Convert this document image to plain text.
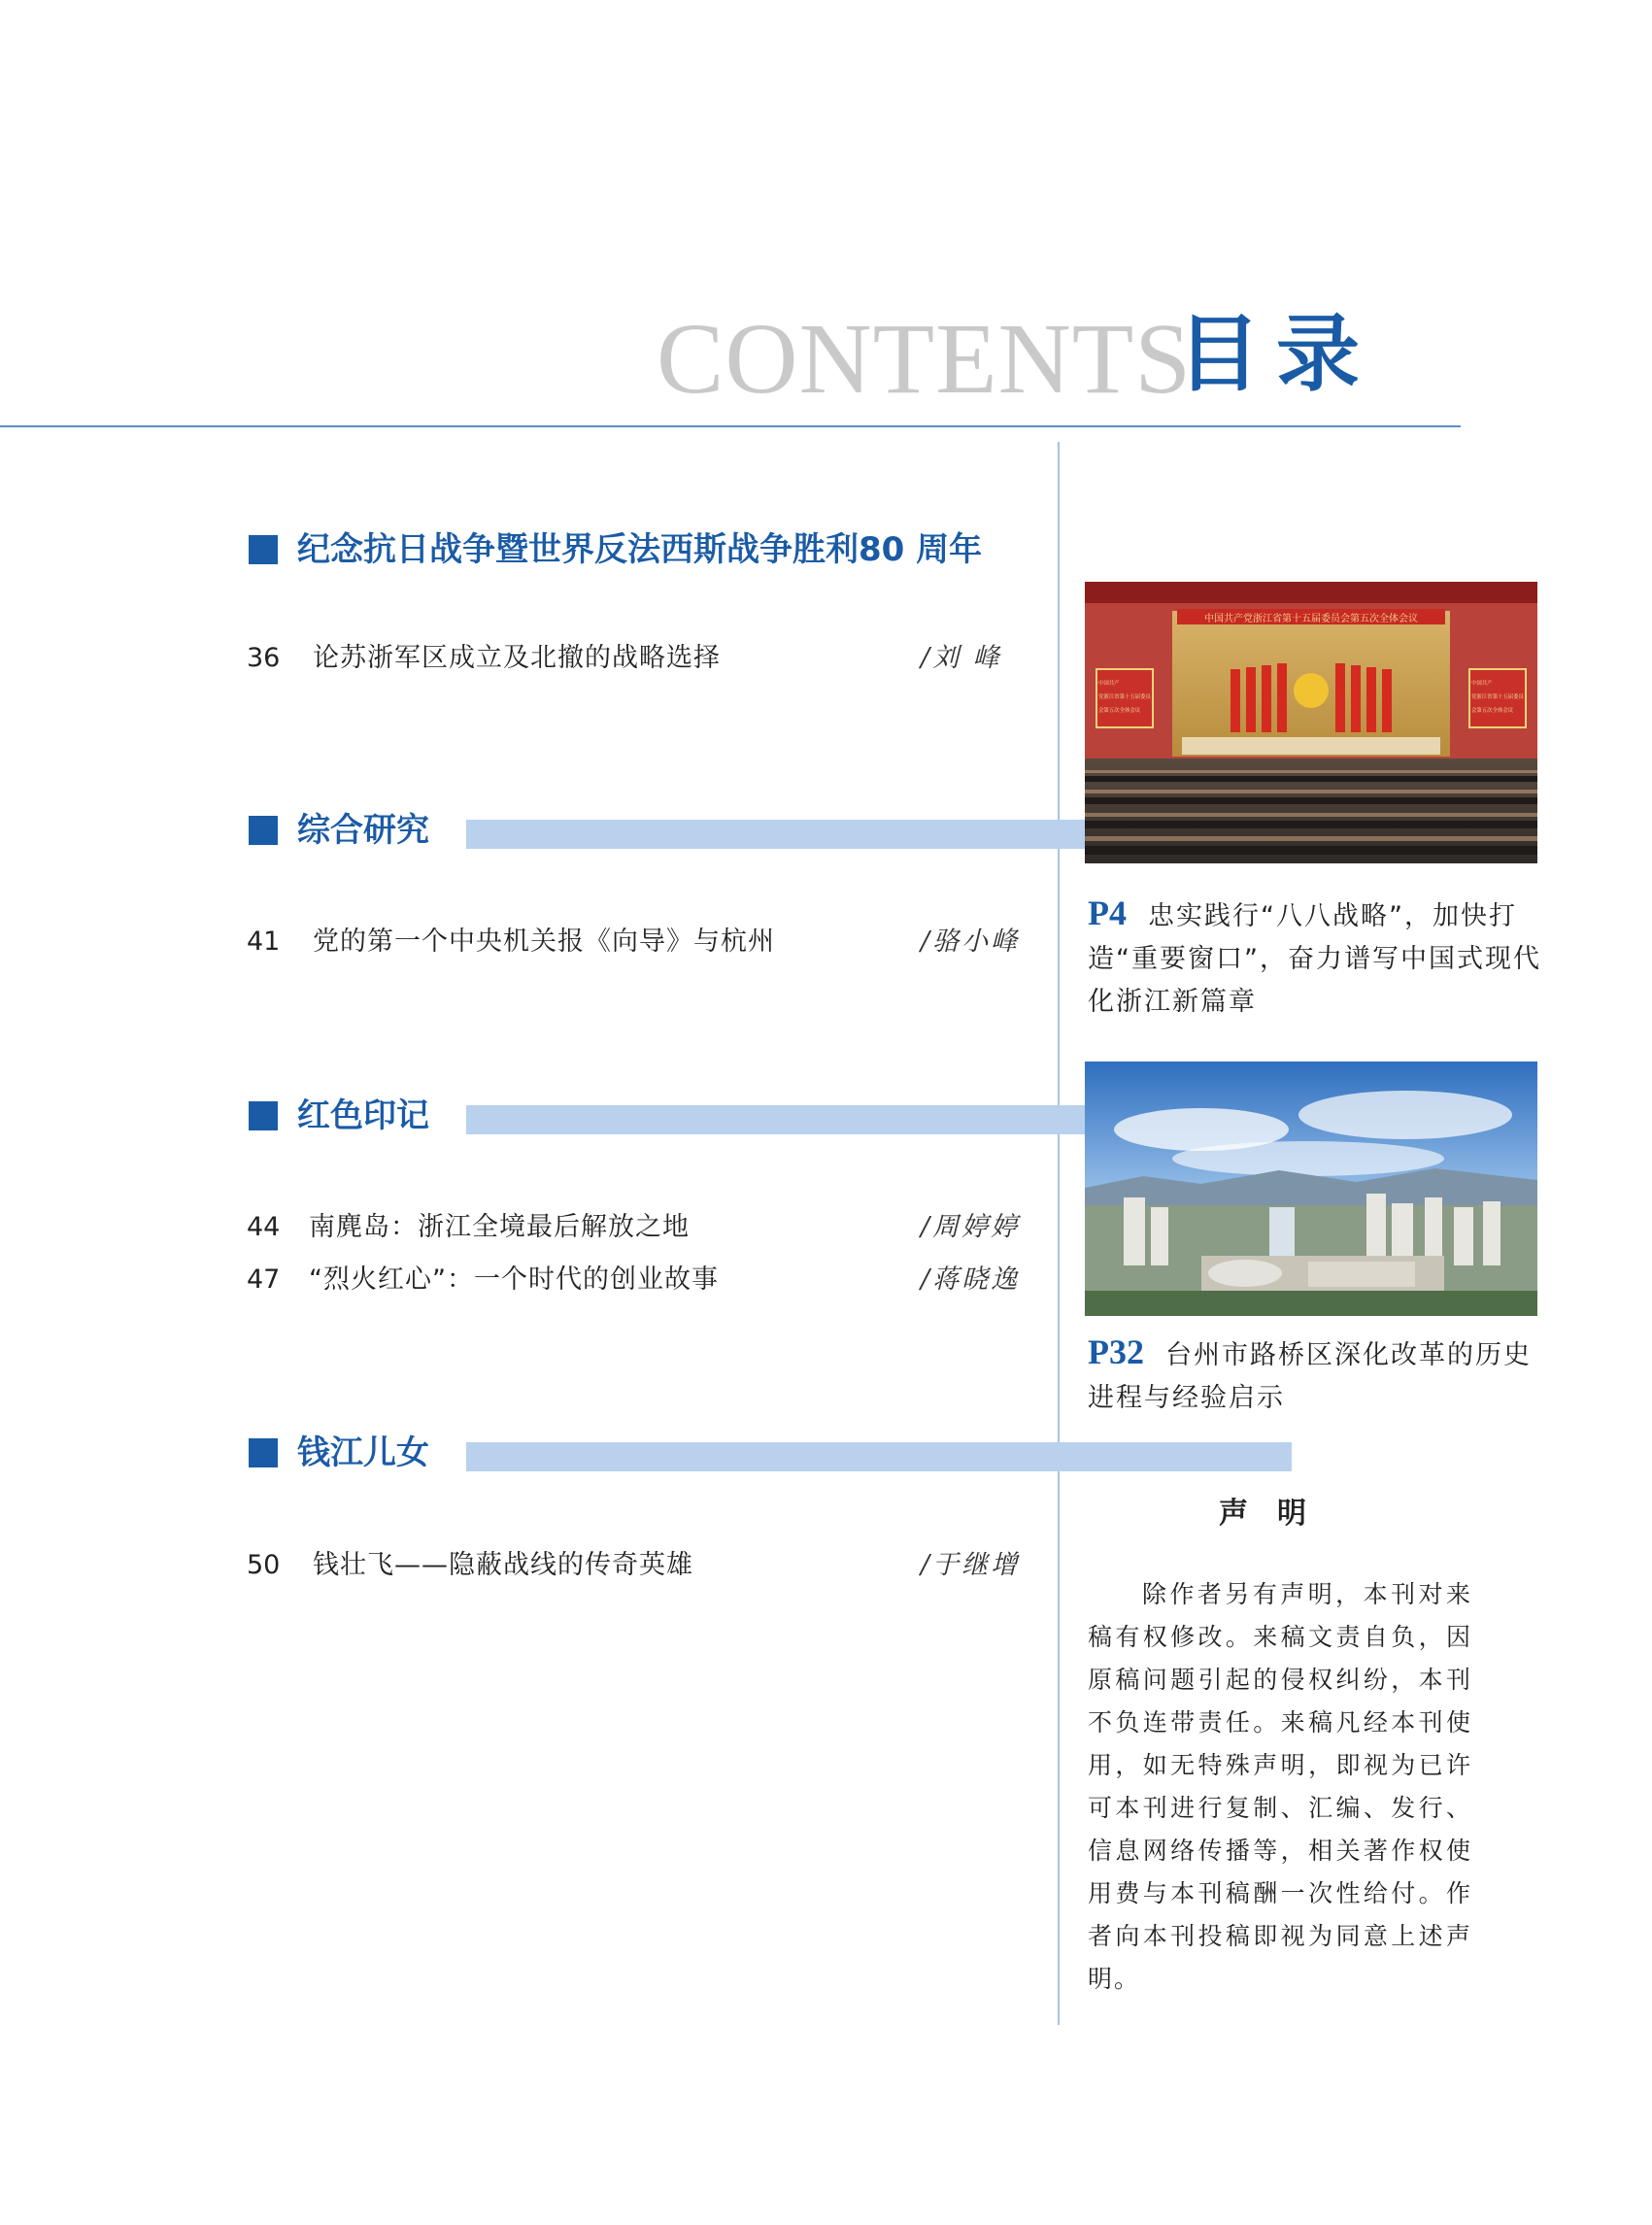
CONTENTS
目录
纪念抗日战争暨世界反法西斯战争胜利80 周年
36 论苏浙军区成立及北撤的战略选择	/刘 峰
综合研究
41 党的第一个中央机关报《向导》与杭州	/骆小峰
红色印记
44 南麂岛：浙江全境最后解放之地	/周婷婷
47 “烈火红心”：一个时代的创业故事	/蒋晓逸
钱江儿女
50 钱壮飞——隐蔽战线的传奇英雄	/于继增
中国共产党浙江省第十五届委员会第五次全体会议
中国共产党浙江省第十五届委员会第五次全体会议
中国共产党浙江省第十五届委员会第五次全体会议
P4 忠实践行“八八战略”，加快打造“重要窗口”，奋力谱写中国式现代化浙江新篇章
P32 台州市路桥区深化改革的历史进程与经验启示
声明
除作者另有声明，本刊对来稿有权修改。来稿文责自负，因原稿问题引起的侵权纠纷，本刊不负连带责任。来稿凡经本刊使用，如无特殊声明，即视为已许可本刊进行复制、汇编、发行、信息网络传播等，相关著作权使用费与本刊稿酬一次性给付。作者向本刊投稿即视为同意上述声明。
